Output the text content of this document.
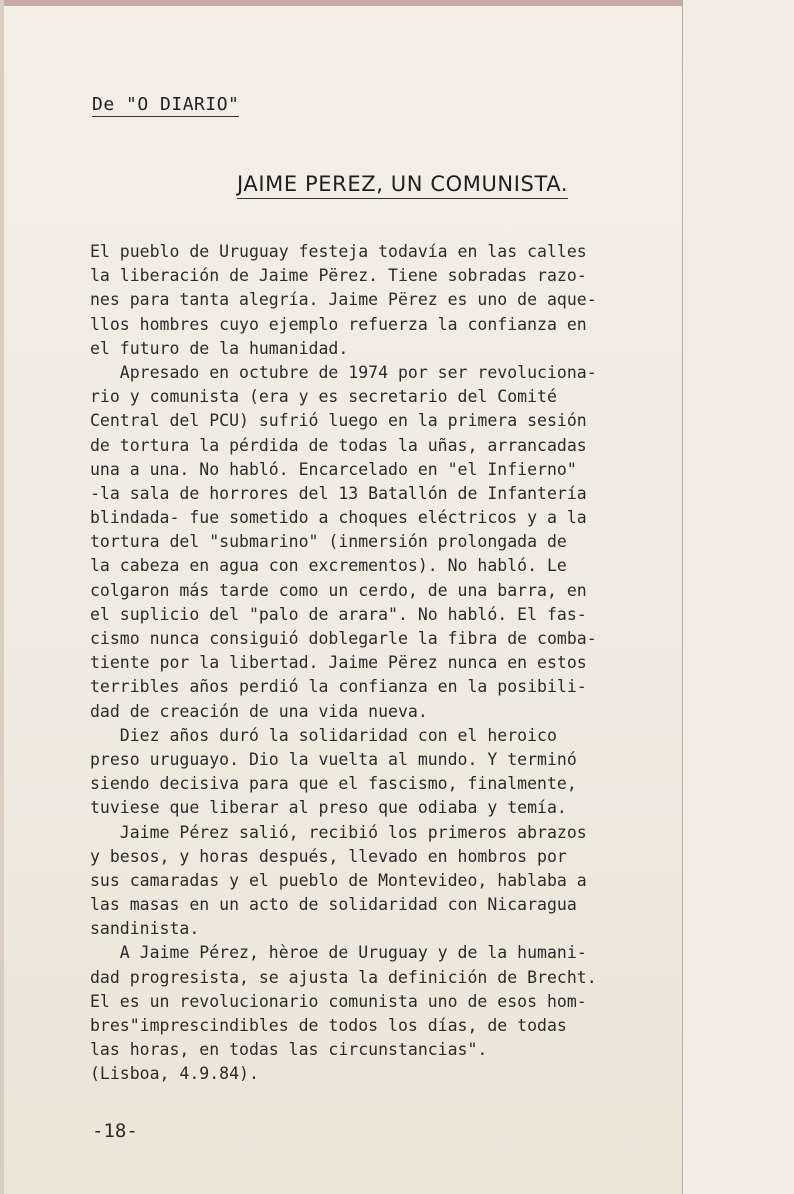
De "O DIARIO"
JAIME PEREZ, UN COMUNISTA.
El pueblo de Uruguay festeja todavía en las calles
la liberación de Jaime Përez. Tiene sobradas razo-
nes para tanta alegría. Jaime Përez es uno de aque-
llos hombres cuyo ejemplo refuerza la confianza en
el futuro de la humanidad.
Apresado en octubre de 1974 por ser revoluciona-
rio y comunista (era y es secretario del Comité
Central del PCU) sufrió luego en la primera sesión
de tortura la pérdida de todas la uñas, arrancadas
una a una. No habló. Encarcelado en "el Infierno"
-la sala de horrores del 13 Batallón de Infantería
blindada- fue sometido a choques eléctricos y a la
tortura del "submarino" (inmersión prolongada de
la cabeza en agua con excrementos). No habló. Le
colgaron más tarde como un cerdo, de una barra, en
el suplicio del "palo de arara". No habló. El fas-
cismo nunca consiguió doblegarle la fibra de comba-
tiente por la libertad. Jaime Përez nunca en estos
terribles años perdió la confianza en la posibili-
dad de creación de una vida nueva.
Diez años duró la solidaridad con el heroico
preso uruguayo. Dio la vuelta al mundo. Y terminó
siendo decisiva para que el fascismo, finalmente,
tuviese que liberar al preso que odiaba y temía.
Jaime Pérez salió, recibió los primeros abrazos
y besos, y horas después, llevado en hombros por
sus camaradas y el pueblo de Montevideo, hablaba a
las masas en un acto de solidaridad con Nicaragua
sandinista.
A Jaime Pérez, hèroe de Uruguay y de la humani-
dad progresista, se ajusta la definición de Brecht.
El es un revolucionario comunista uno de esos hom-
bres"imprescindibles de todos los días, de todas
las horas, en todas las circunstancias".
(Lisboa, 4.9.84).
-18-
